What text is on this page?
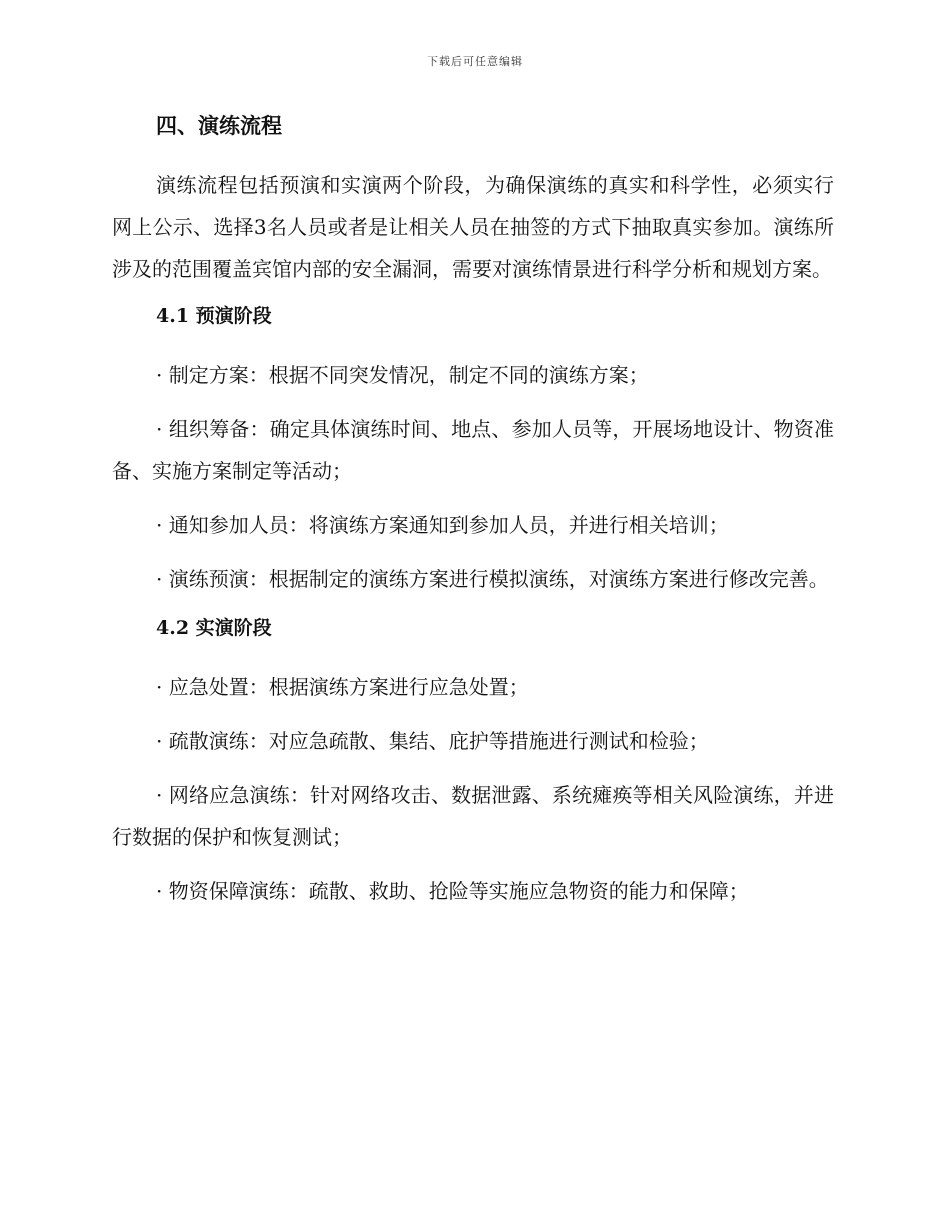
下载后可任意编辑
四、演练流程

演练流程包括预演和实演两个阶段，为确保演练的真实和科学性，必须实行网上公示、选择3名人员或者是让相关人员在抽签的方式下抽取真实参加。演练所涉及的范围覆盖宾馆内部的安全漏洞，需要对演练情景进行科学分析和规划方案。

4.1 预演阶段

· 制定方案：根据不同突发情况，制定不同的演练方案；

· 组织筹备：确定具体演练时间、地点、参加人员等，开展场地设计、物资准备、实施方案制定等活动；

· 通知参加人员：将演练方案通知到参加人员，并进行相关培训；

· 演练预演：根据制定的演练方案进行模拟演练，对演练方案进行修改完善。

4.2 实演阶段

· 应急处置：根据演练方案进行应急处置；

· 疏散演练：对应急疏散、集结、庇护等措施进行测试和检验；

· 网络应急演练：针对网络攻击、数据泄露、系统瘫痪等相关风险演练，并进行数据的保护和恢复测试；

· 物资保障演练：疏散、救助、抢险等实施应急物资的能力和保障；
